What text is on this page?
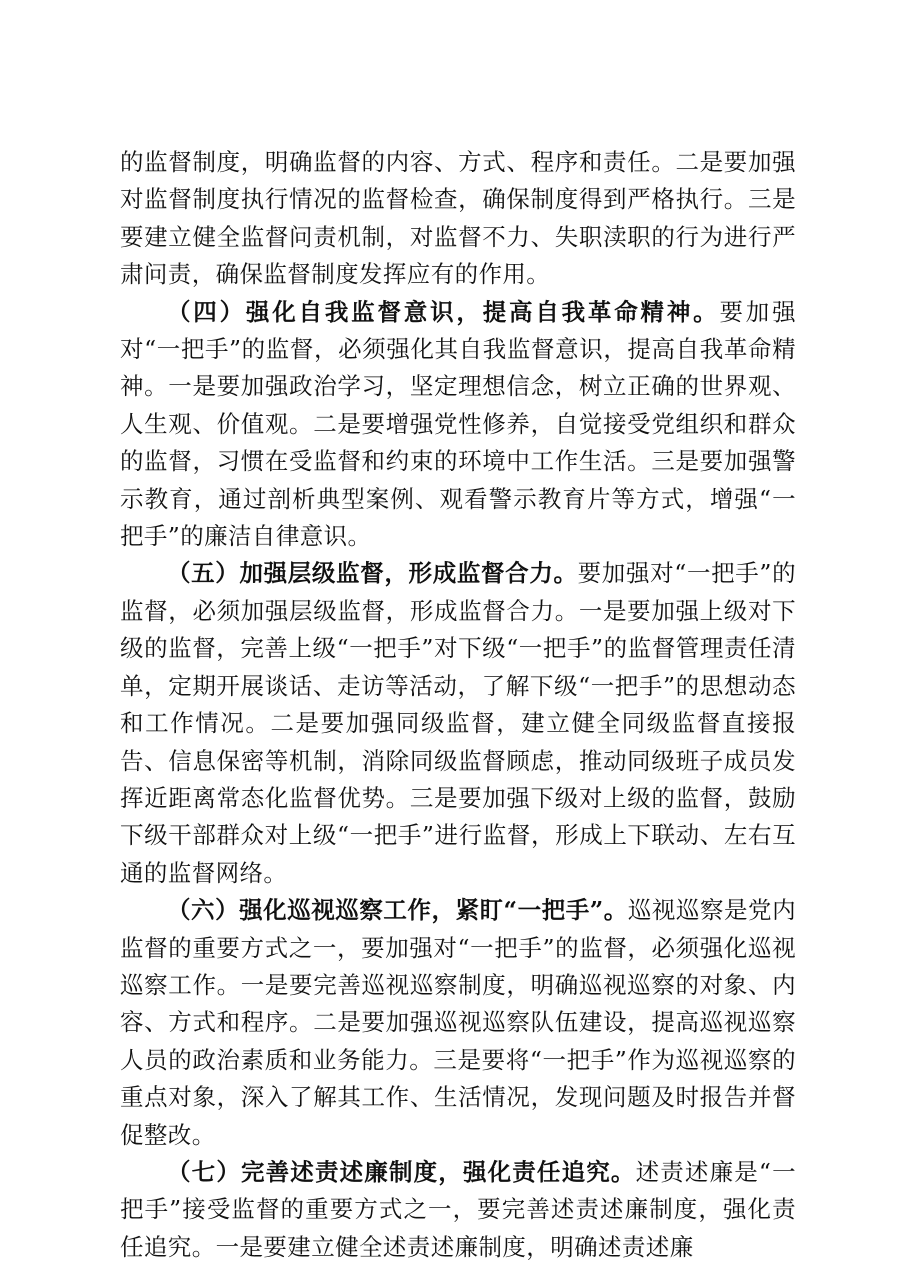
的监督制度，明确监督的内容、方式、程序和责任。二是要加强对监督制度执行情况的监督检查，确保制度得到严格执行。三是要建立健全监督问责机制，对监督不力、失职渎职的行为进行严肃问责，确保监督制度发挥应有的作用。

（四）强化自我监督意识，提高自我革命精神。要加强对“一把手”的监督，必须强化其自我监督意识，提高自我革命精神。一是要加强政治学习，坚定理想信念，树立正确的世界观、人生观、价值观。二是要增强党性修养，自觉接受党组织和群众的监督，习惯在受监督和约束的环境中工作生活。三是要加强警示教育，通过剖析典型案例、观看警示教育片等方式，增强“一把手”的廉洁自律意识。

（五）加强层级监督，形成监督合力。要加强对“一把手”的监督，必须加强层级监督，形成监督合力。一是要加强上级对下级的监督，完善上级“一把手”对下级“一把手”的监督管理责任清单，定期开展谈话、走访等活动，了解下级“一把手”的思想动态和工作情况。二是要加强同级监督，建立健全同级监督直接报告、信息保密等机制，消除同级监督顾虑，推动同级班子成员发挥近距离常态化监督优势。三是要加强下级对上级的监督，鼓励下级干部群众对上级“一把手”进行监督，形成上下联动、左右互通的监督网络。

（六）强化巡视巡察工作，紧盯“一把手”。巡视巡察是党内监督的重要方式之一，要加强对“一把手”的监督，必须强化巡视巡察工作。一是要完善巡视巡察制度，明确巡视巡察的对象、内容、方式和程序。二是要加强巡视巡察队伍建设，提高巡视巡察人员的政治素质和业务能力。三是要将“一把手”作为巡视巡察的重点对象，深入了解其工作、生活情况，发现问题及时报告并督促整改。

（七）完善述责述廉制度，强化责任追究。述责述廉是“一把手”接受监督的重要方式之一，要完善述责述廉制度，强化责任追究。一是要建立健全述责述廉制度，明确述责述廉
